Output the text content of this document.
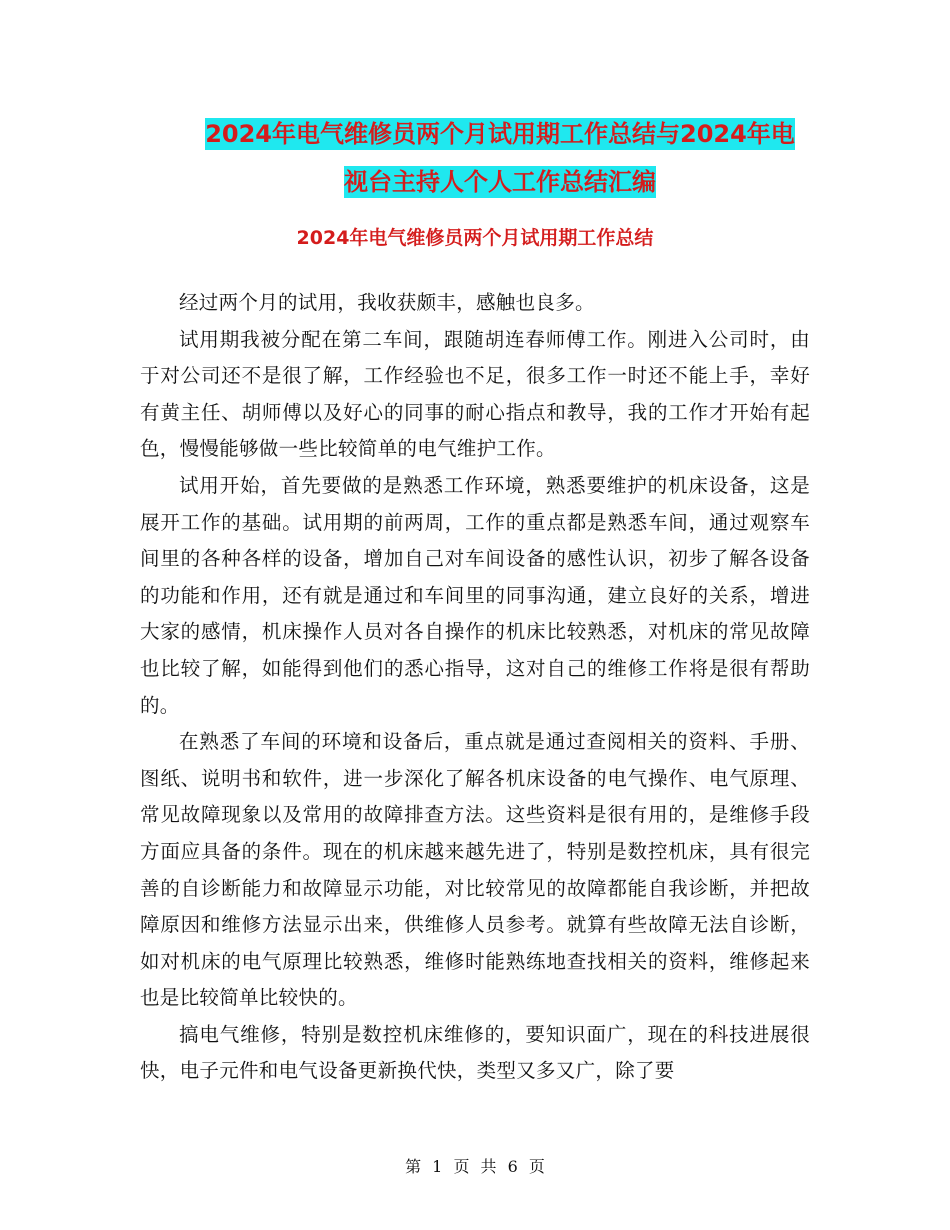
2024年电气维修员两个月试用期工作总结与2024年电
视台主持人个人工作总结汇编
2024年电气维修员两个月试用期工作总结

经过两个月的试用，我收获颇丰，感触也良多。

试用期我被分配在第二车间，跟随胡连春师傅工作。刚进入公司时，由于对公司还不是很了解，工作经验也不足，很多工作一时还不能上手，幸好有黄主任、胡师傅以及好心的同事的耐心指点和教导，我的工作才开始有起色，慢慢能够做一些比较简单的电气维护工作。

试用开始，首先要做的是熟悉工作环境，熟悉要维护的机床设备，这是展开工作的基础。试用期的前两周，工作的重点都是熟悉车间，通过观察车间里的各种各样的设备，增加自己对车间设备的感性认识，初步了解各设备的功能和作用，还有就是通过和车间里的同事沟通，建立良好的关系，增进大家的感情，机床操作人员对各自操作的机床比较熟悉，对机床的常见故障也比较了解，如能得到他们的悉心指导，这对自己的维修工作将是很有帮助的。

在熟悉了车间的环境和设备后，重点就是通过查阅相关的资料、手册、图纸、说明书和软件，进一步深化了解各机床设备的电气操作、电气原理、常见故障现象以及常用的故障排查方法。这些资料是很有用的，是维修手段方面应具备的条件。现在的机床越来越先进了，特别是数控机床，具有很完善的自诊断能力和故障显示功能，对比较常见的故障都能自我诊断，并把故障原因和维修方法显示出来，供维修人员参考。就算有些故障无法自诊断，如对机床的电气原理比较熟悉，维修时能熟练地查找相关的资料，维修起来也是比较简单比较快的。

搞电气维修，特别是数控机床维修的，要知识面广，现在的科技进展很快，电子元件和电气设备更新换代快，类型又多又广，除了要

第 1 页 共 6 页
